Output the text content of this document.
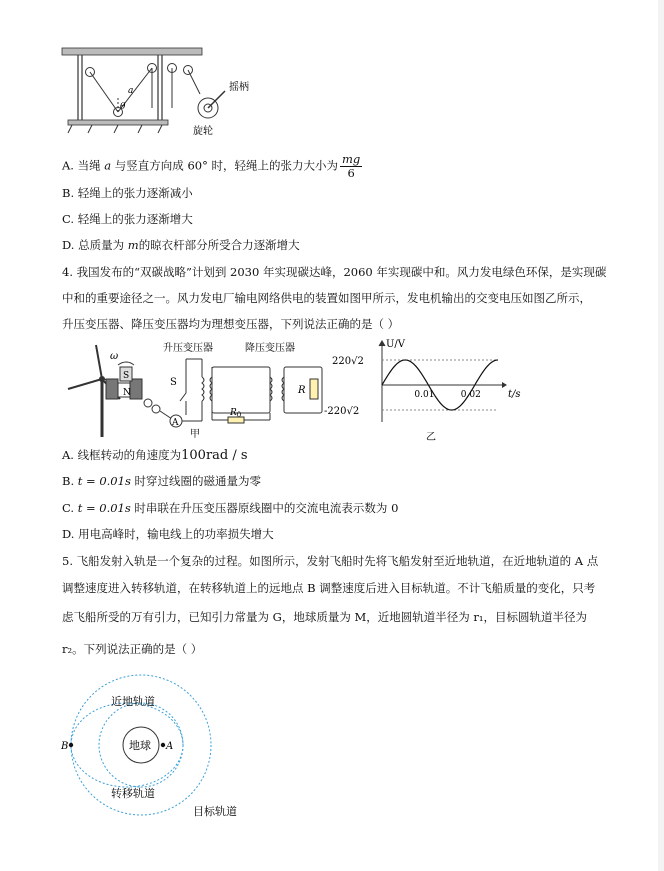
a
θ
摇柄
旋轮
A. 当绳 a 与竖直方向成 60° 时，轻绳上的张力大小为 $\frac{mg}{6}$
B. 轻绳上的张力逐渐减小
C. 轻绳上的张力逐渐增大
D. 总质量为 m的晾衣杆部分所受合力逐渐增大
4. 我国发布的“双碳战略”计划到 2030 年实现碳达峰，2060 年实现碳中和。风力发电绿色环保，是实现碳
中和的重要途径之一。风力发电厂输电网络供电的装置如图甲所示，发电机输出的交变电压如图乙所示，
升压变压器、降压变压器均为理想变压器，下列说法正确的是（ ）
N
S
ω
A
S
升压变压器
$R_0$
降压变压器
R
甲
U/V
t/s
220√2
-220√2
0.01	0.02
乙
A. 线框转动的角速度为100rad / s
B. t = 0.01s 时穿过线圈的磁通量为零
C. t = 0.01s 时串联在升压变压器原线圈中的交流电流表示数为 0
D. 用电高峰时，输电线上的功率损失增大
5. 飞船发射入轨是一个复杂的过程。如图所示，发射飞船时先将飞船发射至近地轨道，在近地轨道的 A 点
调整速度进入转移轨道，在转移轨道上的远地点 B 调整速度后进入目标轨道。不计飞船质量的变化，只考
虑飞船所受的万有引力，已知引力常量为 G，地球质量为 M，近地圆轨道半径为 r₁，目标圆轨道半径为
r₂。下列说法正确的是（ ）
地球 A
B
近地轨道
转移轨道
目标轨道
